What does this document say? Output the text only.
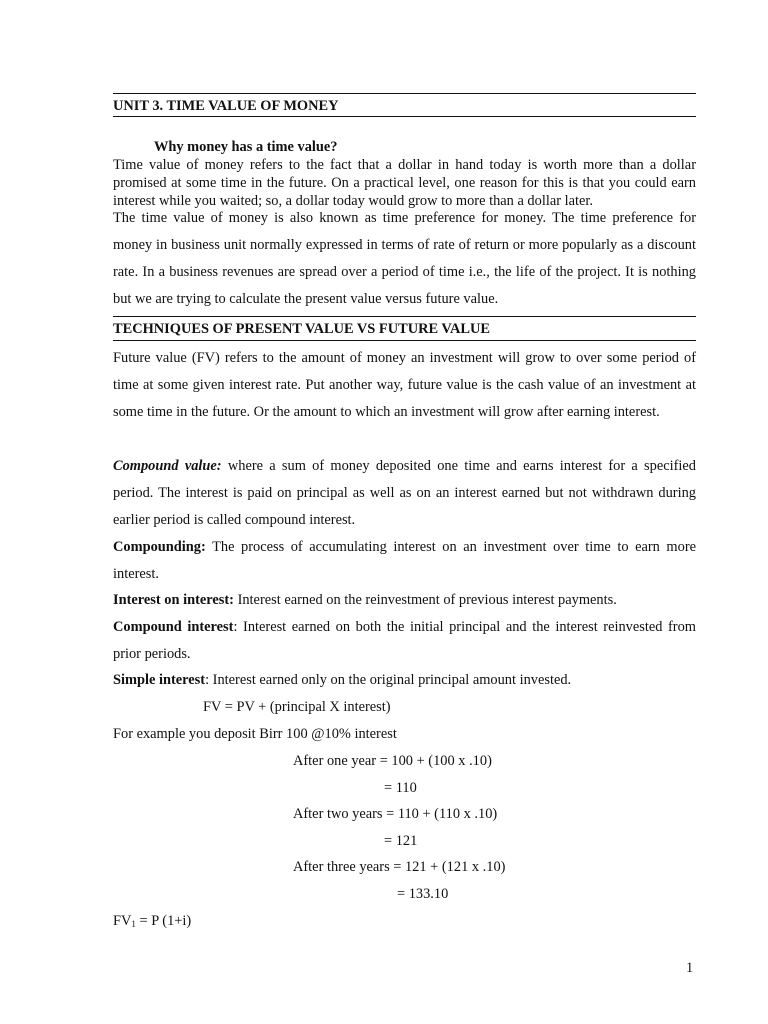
UNIT 3. TIME VALUE OF MONEY
Why money has a time value?
Time value of money refers to the fact that a dollar in hand today is worth more than a dollar promised at some time in the future. On a practical level, one reason for this is that you could earn interest while you waited; so, a dollar today would grow to more than a dollar later.
The time value of money is also known as time preference for money. The time preference for money in business unit normally expressed in terms of rate of return or more popularly as a discount rate. In a business revenues are spread over a period of time i.e., the life of the project. It is nothing but we are trying to calculate the present value versus future value.
TECHNIQUES OF PRESENT VALUE VS FUTURE VALUE
Future value (FV) refers to the amount of money an investment will grow to over some period of time at some given interest rate. Put another way, future value is the cash value of an investment at some time in the future. Or the amount to which an investment will grow after earning interest.
Compound value: where a sum of money deposited one time and earns interest for a specified period. The interest is paid on principal as well as on an interest earned but not withdrawn during earlier period is called compound interest.
Compounding: The process of accumulating interest on an investment over time to earn more interest.
Interest on interest: Interest earned on the reinvestment of previous interest payments.
Compound interest: Interest earned on both the initial principal and the interest reinvested from prior periods.
Simple interest: Interest earned only on the original principal amount invested.
FV = PV + (principal X interest)
For example you deposit Birr 100 @10% interest
After one year = 100 + (100 x .10)
= 110
After two years = 110 + (110 x .10)
= 121
After three years = 121 + (121 x .10)
= 133.10
$FV_1 = P$ (1+i)
1
